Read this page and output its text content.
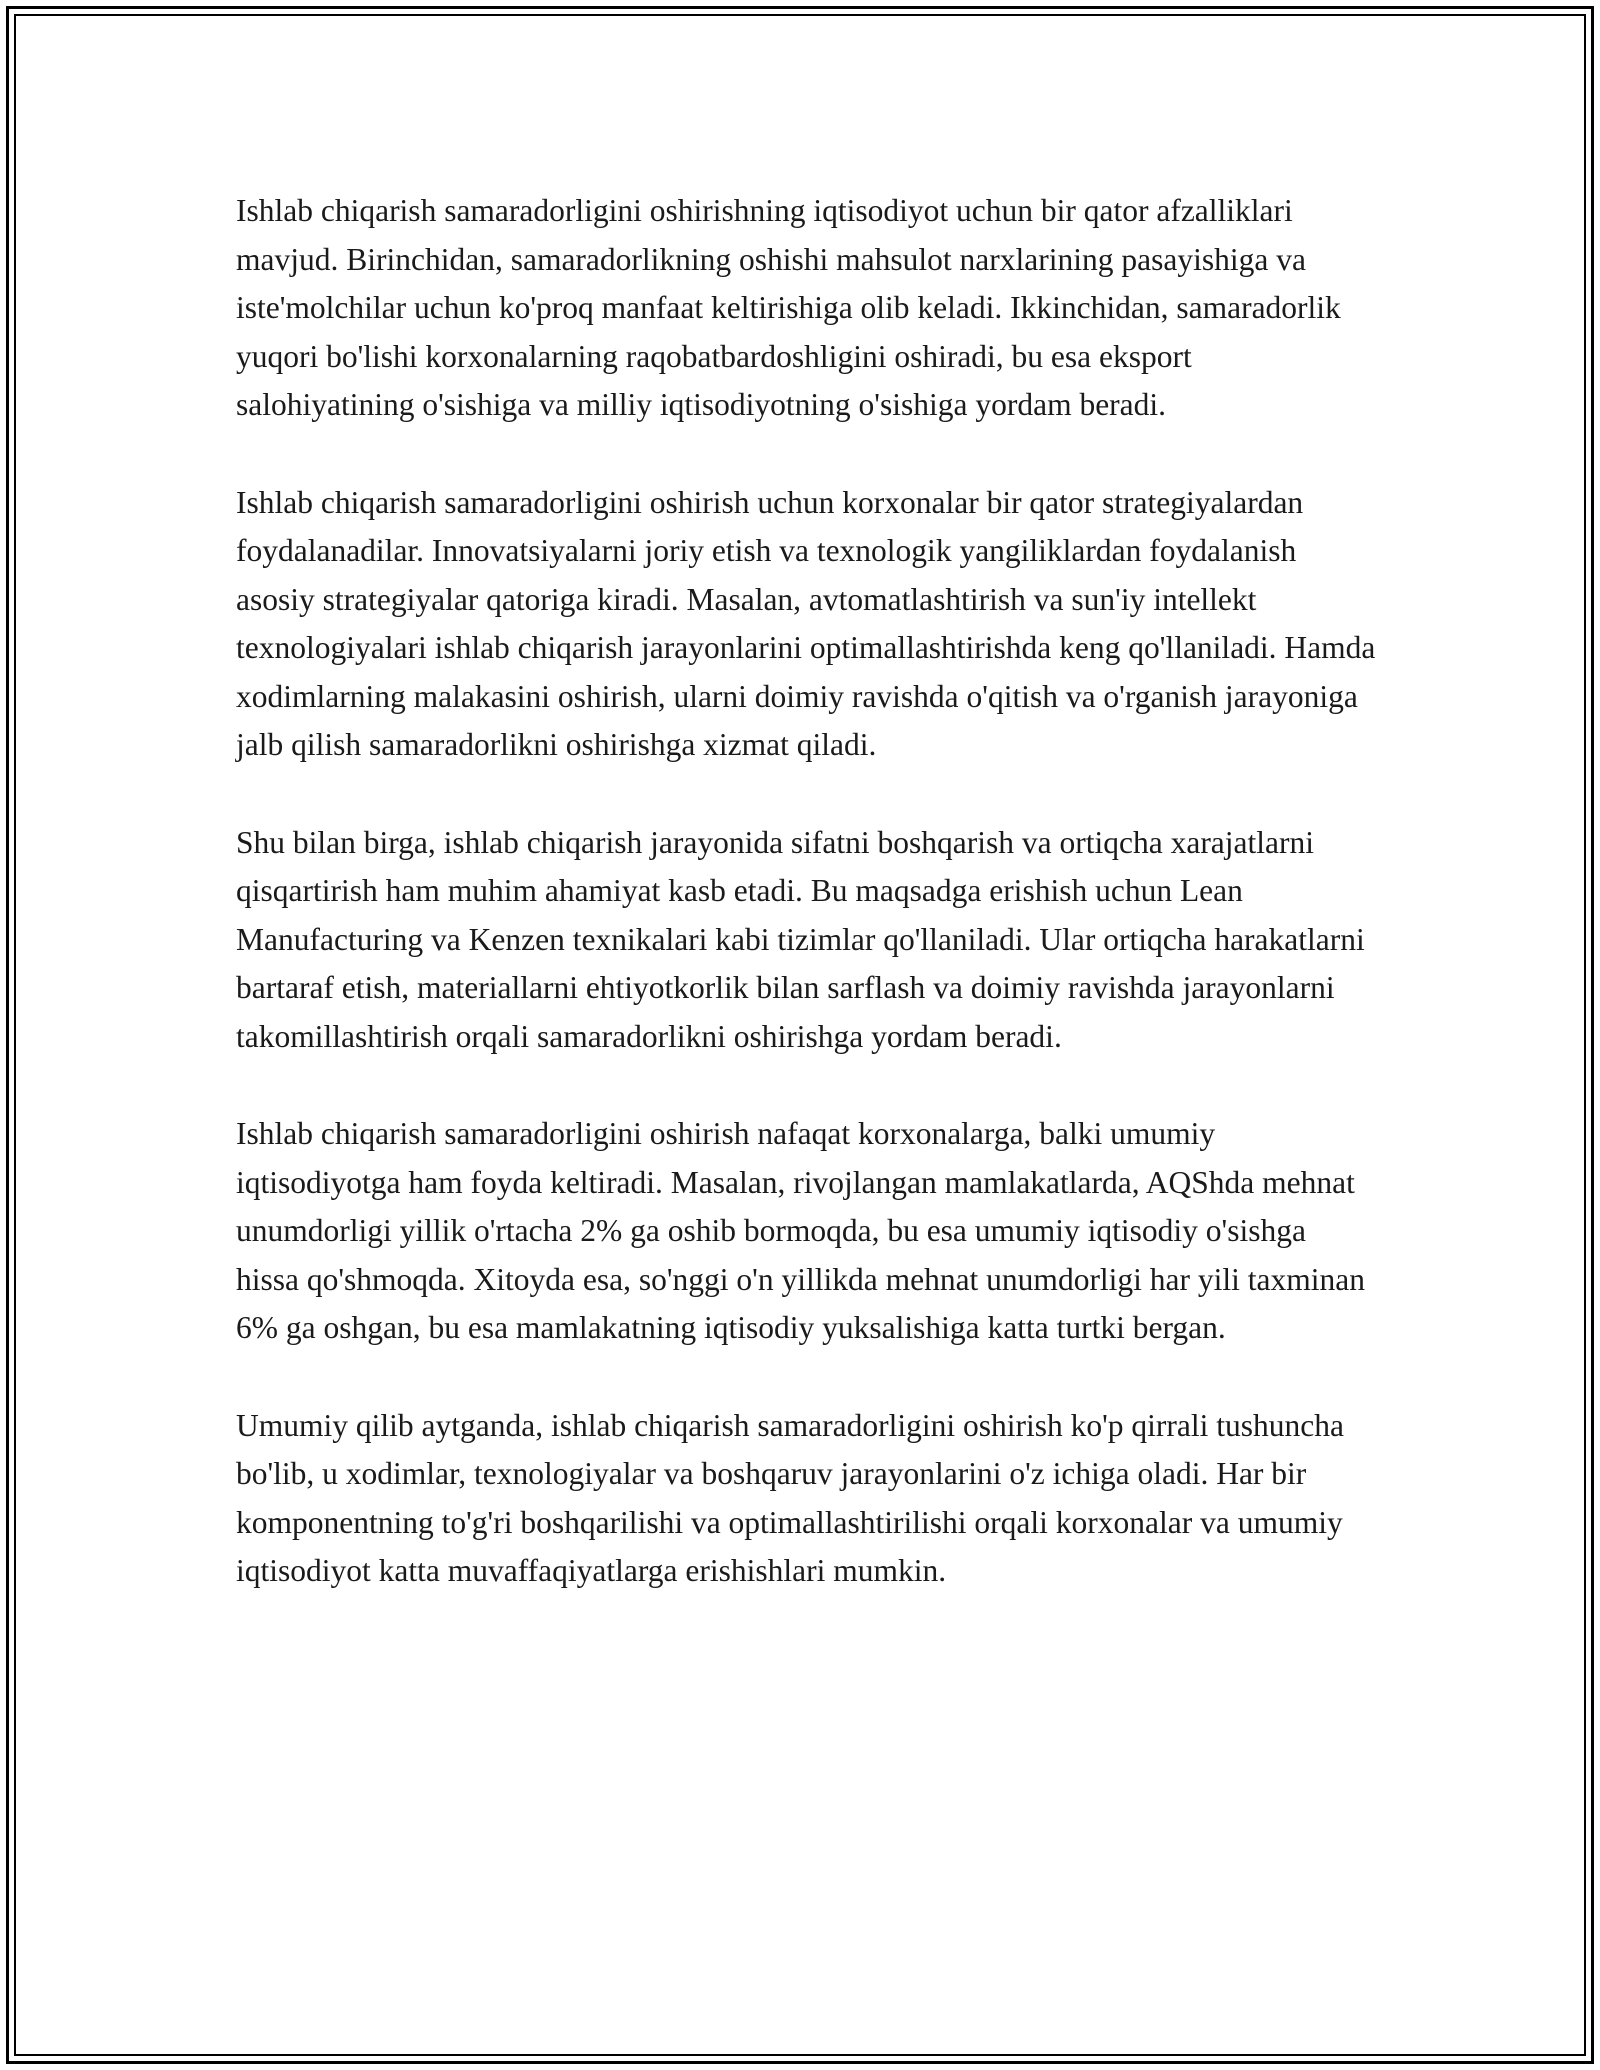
Ishlab chiqarish samaradorligini oshirishning iqtisodiyot uchun bir qator afzalliklari mavjud. Birinchidan, samaradorlikning oshishi mahsulot narxlarining pasayishiga va iste'molchilar uchun ko'proq manfaat keltirishiga olib keladi. Ikkinchidan, samaradorlik yuqori bo'lishi korxonalarning raqobatbardoshligini oshiradi, bu esa eksport salohiyatining o'sishiga va milliy iqtisodiyotning o'sishiga yordam beradi.

Ishlab chiqarish samaradorligini oshirish uchun korxonalar bir qator strategiyalardan foydalanadilar. Innovatsiyalarni joriy etish va texnologik yangiliklardan foydalanish asosiy strategiyalar qatoriga kiradi. Masalan, avtomatlashtirish va sun'iy intellekt texnologiyalari ishlab chiqarish jarayonlarini optimallashtirishda keng qo'llaniladi. Hamda xodimlarning malakasini oshirish, ularni doimiy ravishda o'qitish va o'rganish jarayoniga jalb qilish samaradorlikni oshirishga xizmat qiladi.

Shu bilan birga, ishlab chiqarish jarayonida sifatni boshqarish va ortiqcha xarajatlarni qisqartirish ham muhim ahamiyat kasb etadi. Bu maqsadga erishish uchun Lean Manufacturing va Kenzen texnikalari kabi tizimlar qo'llaniladi. Ular ortiqcha harakatlarni bartaraf etish, materiallarni ehtiyotkorlik bilan sarflash va doimiy ravishda jarayonlarni takomillashtirish orqali samaradorlikni oshirishga yordam beradi.

Ishlab chiqarish samaradorligini oshirish nafaqat korxonalarga, balki umumiy iqtisodiyotga ham foyda keltiradi. Masalan, rivojlangan mamlakatlarda, AQShda mehnat unumdorligi yillik o'rtacha 2% ga oshib bormoqda, bu esa umumiy iqtisodiy o'sishga hissa qo'shmoqda. Xitoyda esa, so'nggi o'n yillikda mehnat unumdorligi har yili taxminan 6% ga oshgan, bu esa mamlakatning iqtisodiy yuksalishiga katta turtki bergan.

Umumiy qilib aytganda, ishlab chiqarish samaradorligini oshirish ko'p qirrali tushuncha bo'lib, u xodimlar, texnologiyalar va boshqaruv jarayonlarini o'z ichiga oladi. Har bir komponentning to'g'ri boshqarilishi va optimallashtirilishi orqali korxonalar va umumiy iqtisodiyot katta muvaffaqiyatlarga erishishlari mumkin.
